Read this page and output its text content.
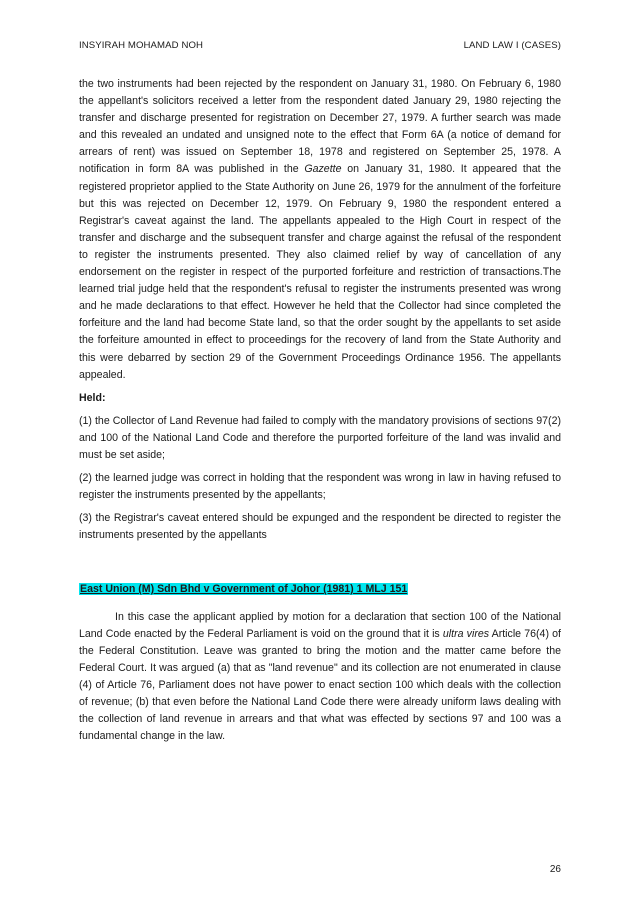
INSYIRAH MOHAMAD NOH	LAND LAW I (CASES)

the two instruments had been rejected by the respondent on January 31, 1980. On February 6, 1980 the appellant's solicitors received a letter from the respondent dated January 29, 1980 rejecting the transfer and discharge presented for registration on December 27, 1979. A further search was made and this revealed an undated and unsigned note to the effect that Form 6A (a notice of demand for arrears of rent) was issued on September 18, 1978 and registered on September 25, 1978. A notification in form 8A was published in the Gazette on January 31, 1980. It appeared that the registered proprietor applied to the State Authority on June 26, 1979 for the annulment of the forfeiture but this was rejected on December 12, 1979. On February 9, 1980 the respondent entered a Registrar's caveat against the land. The appellants appealed to the High Court in respect of the transfer and discharge and the subsequent transfer and charge against the refusal of the respondent to register the instruments presented. They also claimed relief by way of cancellation of any endorsement on the register in respect of the purported forfeiture and restriction of transactions.The learned trial judge held that the respondent's refusal to register the instruments presented was wrong and he made declarations to that effect. However he held that the Collector had since completed the forfeiture and the land had become State land, so that the order sought by the appellants to set aside the forfeiture amounted in effect to proceedings for the recovery of land from the State Authority and this were debarred by section 29 of the Government Proceedings Ordinance 1956. The appellants appealed.

Held:

(1) the Collector of Land Revenue had failed to comply with the mandatory provisions of sections 97(2) and 100 of the National Land Code and therefore the purported forfeiture of the land was invalid and must be set aside;

(2) the learned judge was correct in holding that the respondent was wrong in law in having refused to register the instruments presented by the appellants;

(3) the Registrar's caveat entered should be expunged and the respondent be directed to register the instruments presented by the appellants

East Union (M) Sdn Bhd v Government of Johor (1981) 1 MLJ 151

In this case the applicant applied by motion for a declaration that section 100 of the National Land Code enacted by the Federal Parliament is void on the ground that it is ultra vires Article 76(4) of the Federal Constitution. Leave was granted to bring the motion and the matter came before the Federal Court. It was argued (a) that as "land revenue" and its collection are not enumerated in clause (4) of Article 76, Parliament does not have power to enact section 100 which deals with the collection of revenue; (b) that even before the National Land Code there were already uniform laws dealing with the collection of land revenue in arrears and that what was effected by sections 97 and 100 was a fundamental change in the law.

26
